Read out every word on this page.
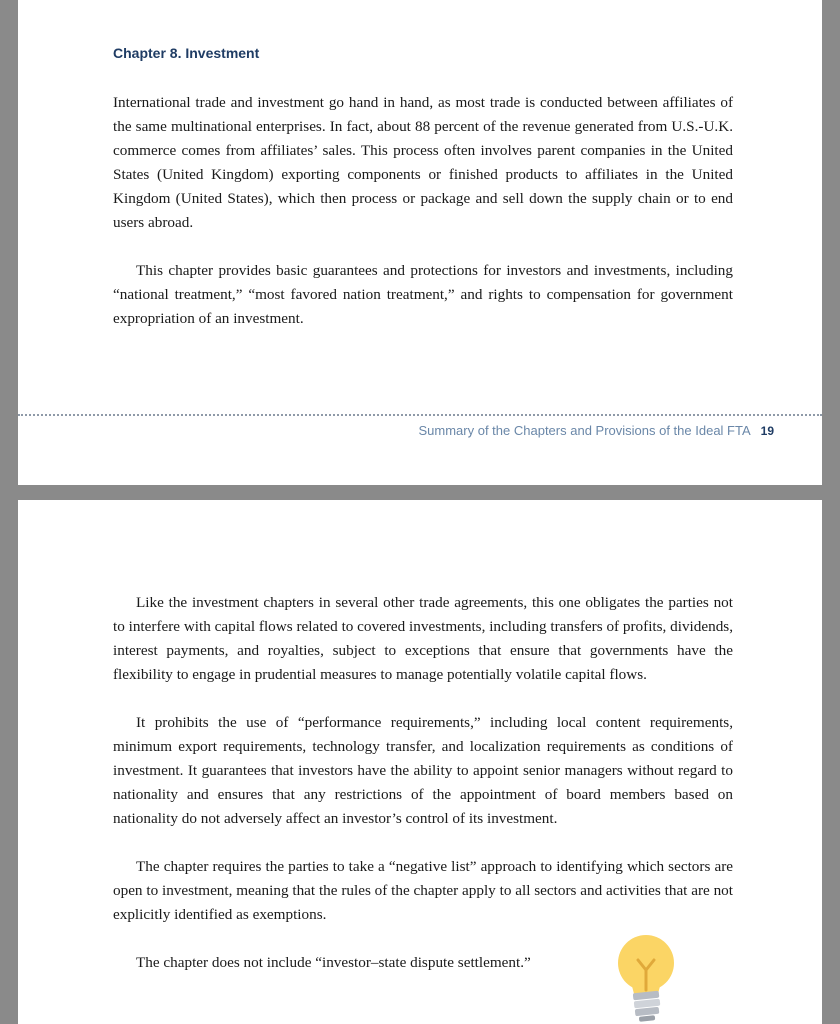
Chapter 8. Investment

International trade and investment go hand in hand, as most trade is conducted between affiliates of the same multinational enterprises. In fact, about 88 percent of the revenue generated from U.S.-U.K. commerce comes from affiliates’ sales. This process often involves parent companies in the United States (United Kingdom) exporting components or finished products to affiliates in the United Kingdom (United States), which then process or package and sell down the supply chain or to end users abroad.

This chapter provides basic guarantees and protections for investors and investments, including “national treatment,” “most favored nation treatment,” and rights to compensation for government expropriation of an investment.

Summary of the Chapters and Provisions of the Ideal FTA 19

Like the investment chapters in several other trade agreements, this one obligates the parties not to interfere with capital flows related to covered investments, including transfers of profits, dividends, interest payments, and royalties, subject to exceptions that ensure that governments have the flexibility to engage in prudential measures to manage potentially volatile capital flows.

It prohibits the use of “performance requirements,” including local content requirements, minimum export requirements, technology transfer, and localization requirements as conditions of investment. It guarantees that investors have the ability to appoint senior managers without regard to nationality and ensures that any restrictions of the appointment of board members based on nationality do not adversely affect an investor’s control of its investment.

The chapter requires the parties to take a “negative list” approach to identifying which sectors are open to investment, meaning that the rules of the chapter apply to all sectors and activities that are not explicitly identified as exemptions.

The chapter does not include “investor–state dispute settlement.”
